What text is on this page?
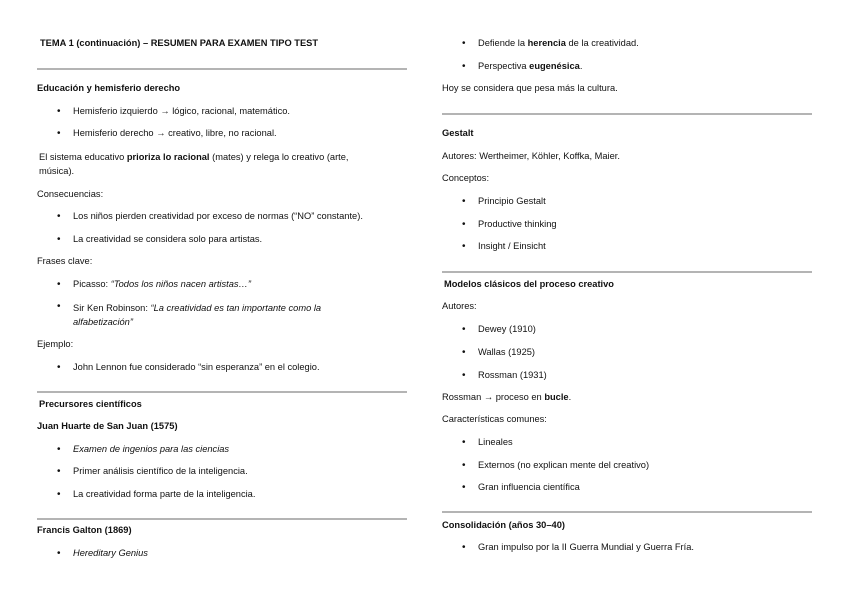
TEMA 1 (continuación) – RESUMEN PARA EXAMEN TIPO TEST
Educación y hemisferio derecho
• Hemisferio izquierdo → lógico, racional, matemático.
• Hemisferio derecho → creativo, libre, no racional.
El sistema educativo prioriza lo racional (mates) y relega lo creativo (arte, música).
Consecuencias:
• Los niños pierden creatividad por exceso de normas (“NO” constante).
• La creatividad se considera solo para artistas.
Frases clave:
• Picasso: “Todos los niños nacen artistas…”
• Sir Ken Robinson: “La creatividad es tan importante como la alfabetización”
Ejemplo:
• John Lennon fue considerado “sin esperanza” en el colegio.
Precursores científicos
Juan Huarte de San Juan (1575)
• Examen de ingenios para las ciencias
• Primer análisis científico de la inteligencia.
• La creatividad forma parte de la inteligencia.
Francis Galton (1869)
• Hereditary Genius
• Defiende la herencia de la creatividad.
• Perspectiva eugenésica.
Hoy se considera que pesa más la cultura.
Gestalt
Autores: Wertheimer, Köhler, Koffka, Maier.
Conceptos:
• Principio Gestalt
• Productive thinking
• Insight / Einsicht
Modelos clásicos del proceso creativo
Autores:
• Dewey (1910)
• Wallas (1925)
• Rossman (1931)
Rossman → proceso en bucle.
Características comunes:
• Lineales
• Externos (no explican mente del creativo)
• Gran influencia científica
Consolidación (años 30–40)
• Gran impulso por la II Guerra Mundial y Guerra Fría.
